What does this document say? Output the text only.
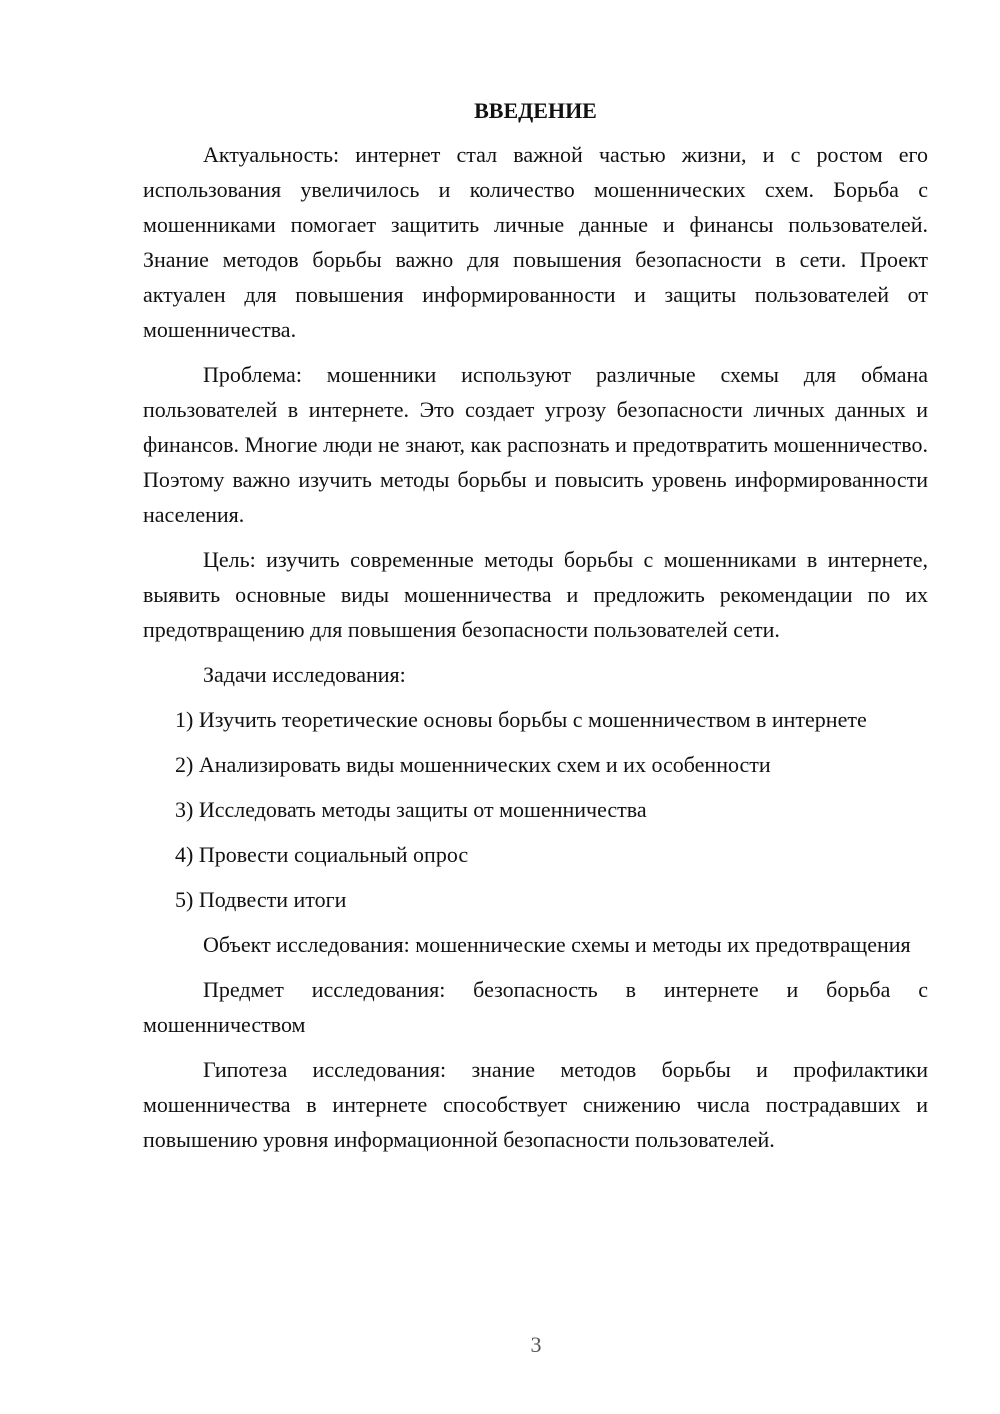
ВВЕДЕНИЕ

Актуальность: интернет стал важной частью жизни, и с ростом его использования увеличилось и количество мошеннических схем. Борьба с мошенниками помогает защитить личные данные и финансы пользователей. Знание методов борьбы важно для повышения безопасности в сети. Проект актуален для повышения информированности и защиты пользователей от мошенничества.

Проблема: мошенники используют различные схемы для обмана пользователей в интернете. Это создает угрозу безопасности личных данных и финансов. Многие люди не знают, как распознать и предотвратить мошенничество. Поэтому важно изучить методы борьбы и повысить уровень информированности населения.

Цель: изучить современные методы борьбы с мошенниками в интернете, выявить основные виды мошенничества и предложить рекомендации по их предотвращению для повышения безопасности пользователей сети.

Задачи исследования:

1) Изучить теоретические основы борьбы с мошенничеством в интернете

2) Анализировать виды мошеннических схем и их особенности

3) Исследовать методы защиты от мошенничества

4) Провести социальный опрос

5) Подвести итоги

Объект исследования: мошеннические схемы и методы их предотвращения

Предмет исследования: безопасность в интернете и борьба с мошенничеством

Гипотеза исследования: знание методов борьбы и профилактики мошенничества в интернете способствует снижению числа пострадавших и повышению уровня информационной безопасности пользователей.

3
